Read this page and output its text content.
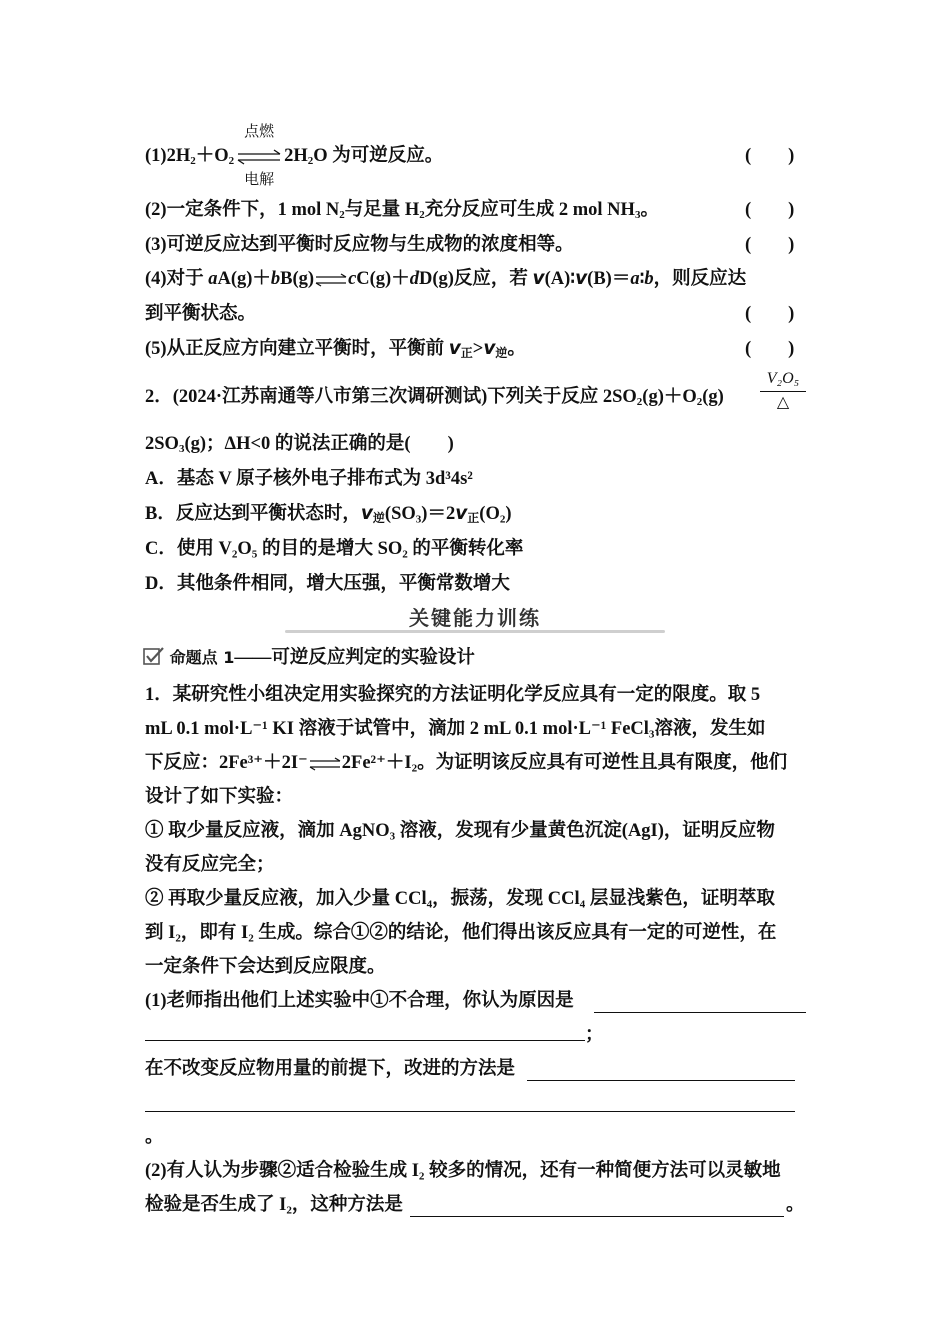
$(1)2H_2+O_2$
点燃
电解
$2H_2O$ 为可逆反应。	(　　)
(2)一定条件下，1 mol $N_2$与足量 $H_2$充分反应可生成 2 mol $NH_3$。	(　　)
(3)可逆反应达到平衡时反应物与生成物的浓度相等。	(　　)
(4)对于 aA(g)＋bB(g)⇌cC(g)＋dD(g)反应，若 v(A)∶v(B)＝a∶b，则反应达
到平衡状态。	(　　)
(5)从正反应方向建立平衡时，平衡前 v正>v逆。	(　　)
2．(2024·江苏南通等八市第三次调研测试)下列关于反应 $2SO_2(g)+O_2(g)$
V₂O₅
△
$2SO_3(g)$；ΔH<0 的说法正确的是(　　)
A．基态 V 原子核外电子排布式为 3d³4s²
B．反应达到平衡状态时，v逆(SO₃)＝2v正(O₂)
C．使用 V₂O₅ 的目的是增大 SO₂ 的平衡转化率
D．其他条件相同，增大压强，平衡常数增大
关键能力训练
命题点 1——可逆反应判定的实验设计
1．某研究性小组决定用实验探究的方法证明化学反应具有一定的限度。取 5
mL 0.1 mol·L⁻¹ KI 溶液于试管中，滴加 2 mL 0.1 mol·L⁻¹ FeCl₃溶液，发生如
下反应：2Fe³⁺＋2I⁻⇌2Fe²⁺＋I₂。为证明该反应具有可逆性且具有限度，他们
设计了如下实验：
① 取少量反应液，滴加 AgNO₃ 溶液，发现有少量黄色沉淀(AgI)，证明反应物
没有反应完全；
② 再取少量反应液，加入少量 CCl₄，振荡，发现 CCl₄ 层显浅紫色，证明萃取
到 I₂，即有 I₂ 生成。综合①②的结论，他们得出该反应具有一定的可逆性，在
一定条件下会达到反应限度。
(1)老师指出他们上述实验中①不合理，你认为原因是
；
在不改变反应物用量的前提下，改进的方法是
。
(2)有人认为步骤②适合检验生成 I₂ 较多的情况，还有一种简便方法可以灵敏地
检验是否生成了 I₂，这种方法是	。
